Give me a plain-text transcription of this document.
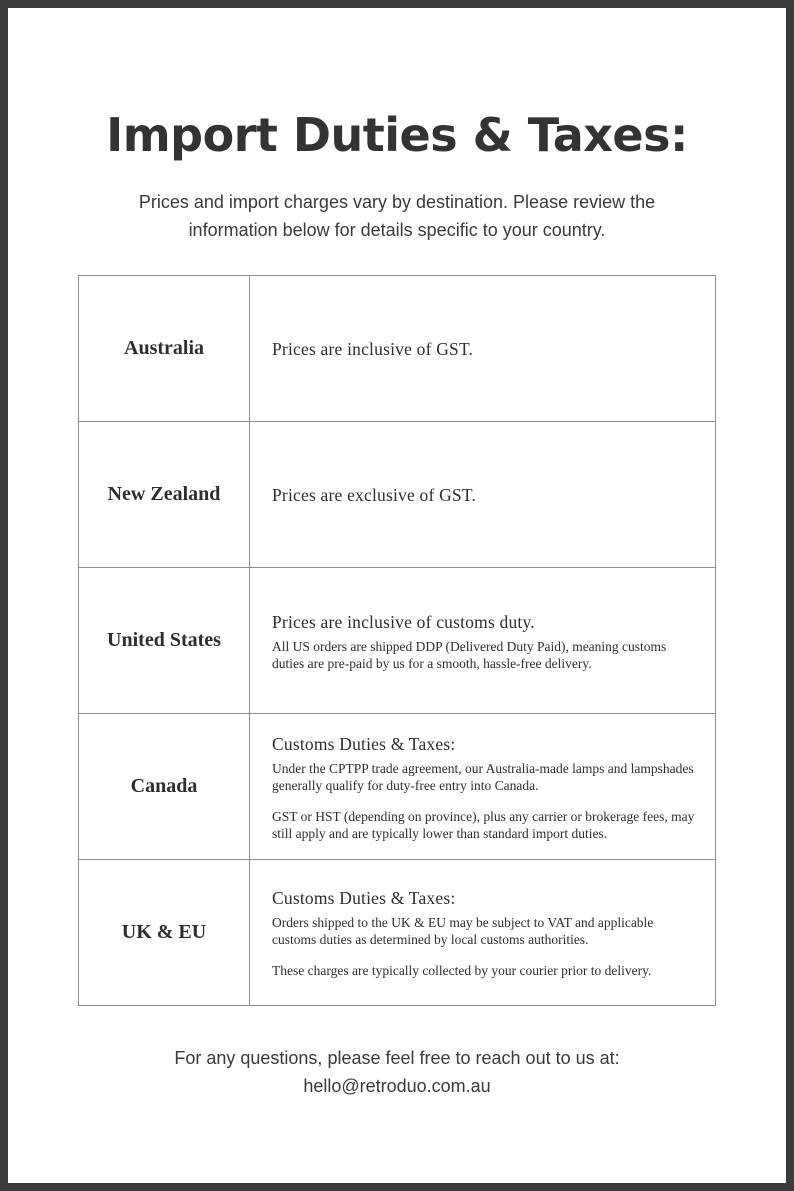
Import Duties & Taxes:

Prices and import charges vary by destination. Please review the information below for details specific to your country.

Australia	Prices are inclusive of GST.
New Zealand	Prices are exclusive of GST.
United States
Prices are inclusive of customs duty.
All US orders are shipped DDP (Delivered Duty Paid), meaning customs duties are pre-paid by us for a smooth, hassle-free delivery.
Canada
Customs Duties & Taxes:
Under the CPTPP trade agreement, our Australia-made lamps and lampshades generally qualify for duty-free entry into Canada.
GST or HST (depending on province), plus any carrier or brokerage fees, may still apply and are typically lower than standard import duties.
UK & EU
Customs Duties & Taxes:
Orders shipped to the UK & EU may be subject to VAT and applicable customs duties as determined by local customs authorities.
These charges are typically collected by your courier prior to delivery.

For any questions, please feel free to reach out to us at:
hello@retroduo.com.au
